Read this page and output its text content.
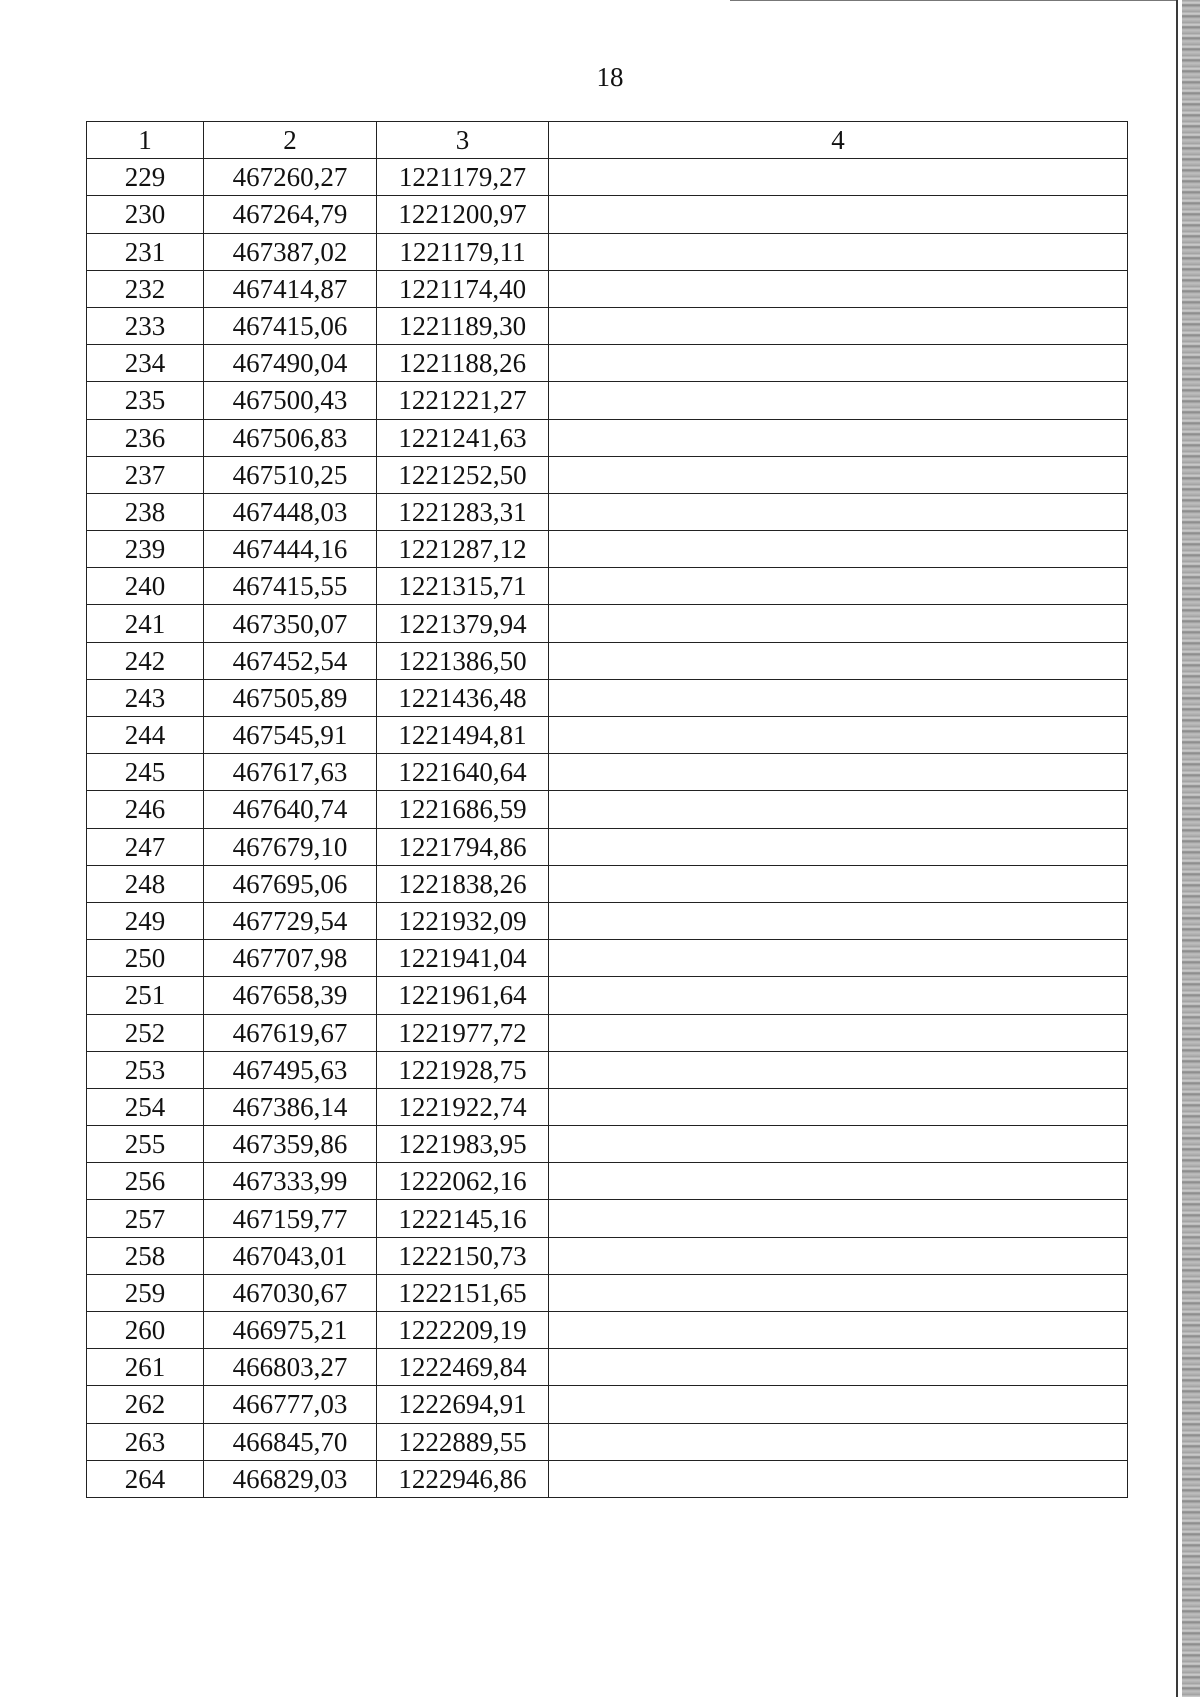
18
1	2	3	4
229	467260,27	1221179,27	
230	467264,79	1221200,97	
231	467387,02	1221179,11	
232	467414,87	1221174,40	
233	467415,06	1221189,30	
234	467490,04	1221188,26	
235	467500,43	1221221,27	
236	467506,83	1221241,63	
237	467510,25	1221252,50	
238	467448,03	1221283,31	
239	467444,16	1221287,12	
240	467415,55	1221315,71	
241	467350,07	1221379,94	
242	467452,54	1221386,50	
243	467505,89	1221436,48	
244	467545,91	1221494,81	
245	467617,63	1221640,64	
246	467640,74	1221686,59	
247	467679,10	1221794,86	
248	467695,06	1221838,26	
249	467729,54	1221932,09	
250	467707,98	1221941,04	
251	467658,39	1221961,64	
252	467619,67	1221977,72	
253	467495,63	1221928,75	
254	467386,14	1221922,74	
255	467359,86	1221983,95	
256	467333,99	1222062,16	
257	467159,77	1222145,16	
258	467043,01	1222150,73	
259	467030,67	1222151,65	
260	466975,21	1222209,19	
261	466803,27	1222469,84	
262	466777,03	1222694,91	
263	466845,70	1222889,55	
264	466829,03	1222946,86	
